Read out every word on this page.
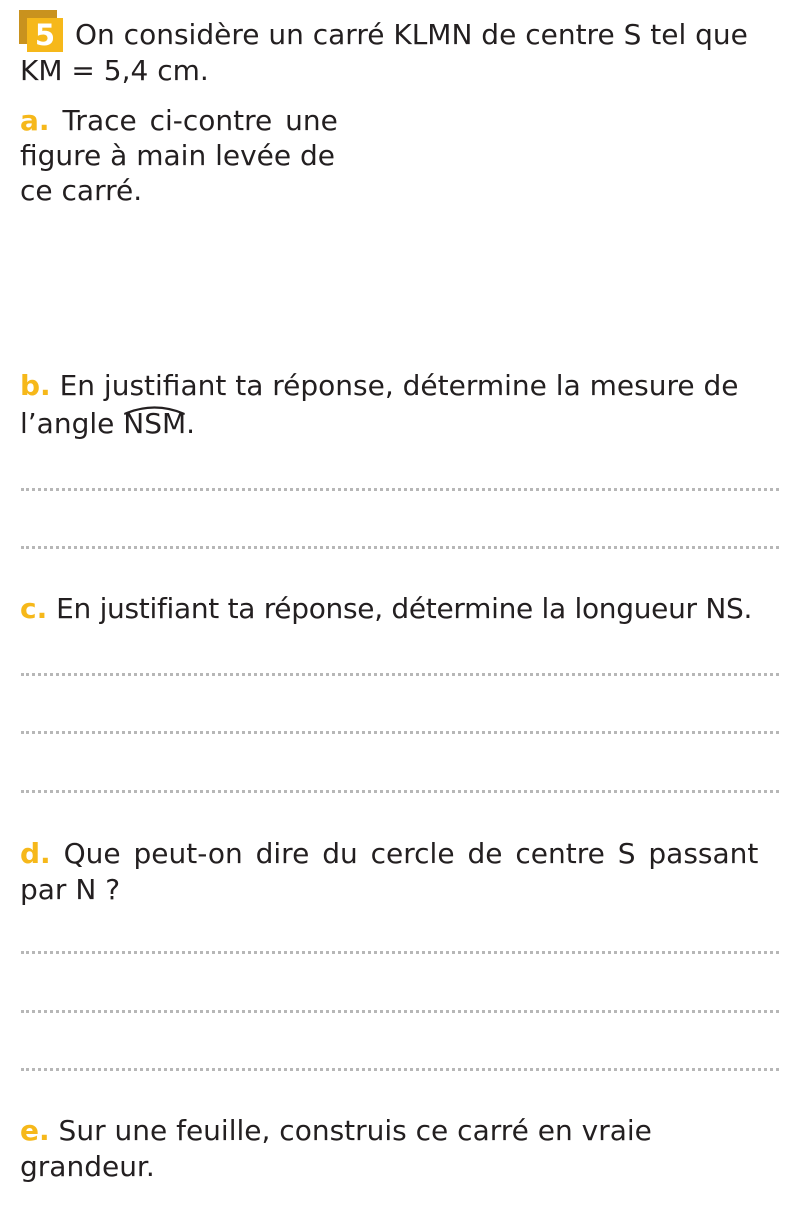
5 On considère un carré KLMN de centre S tel que
KM = 5,4 cm.
a. Trace ci-contre une
figure à main levée de
ce carré.
b. En justifiant ta réponse, détermine la mesure de
l’angle
NSM.
c. En justifiant ta réponse, détermine la longueur NS.
d. Que peut-on dire du cercle de centre S passant
par N ?
e. Sur une feuille, construis ce carré en vraie
grandeur.
